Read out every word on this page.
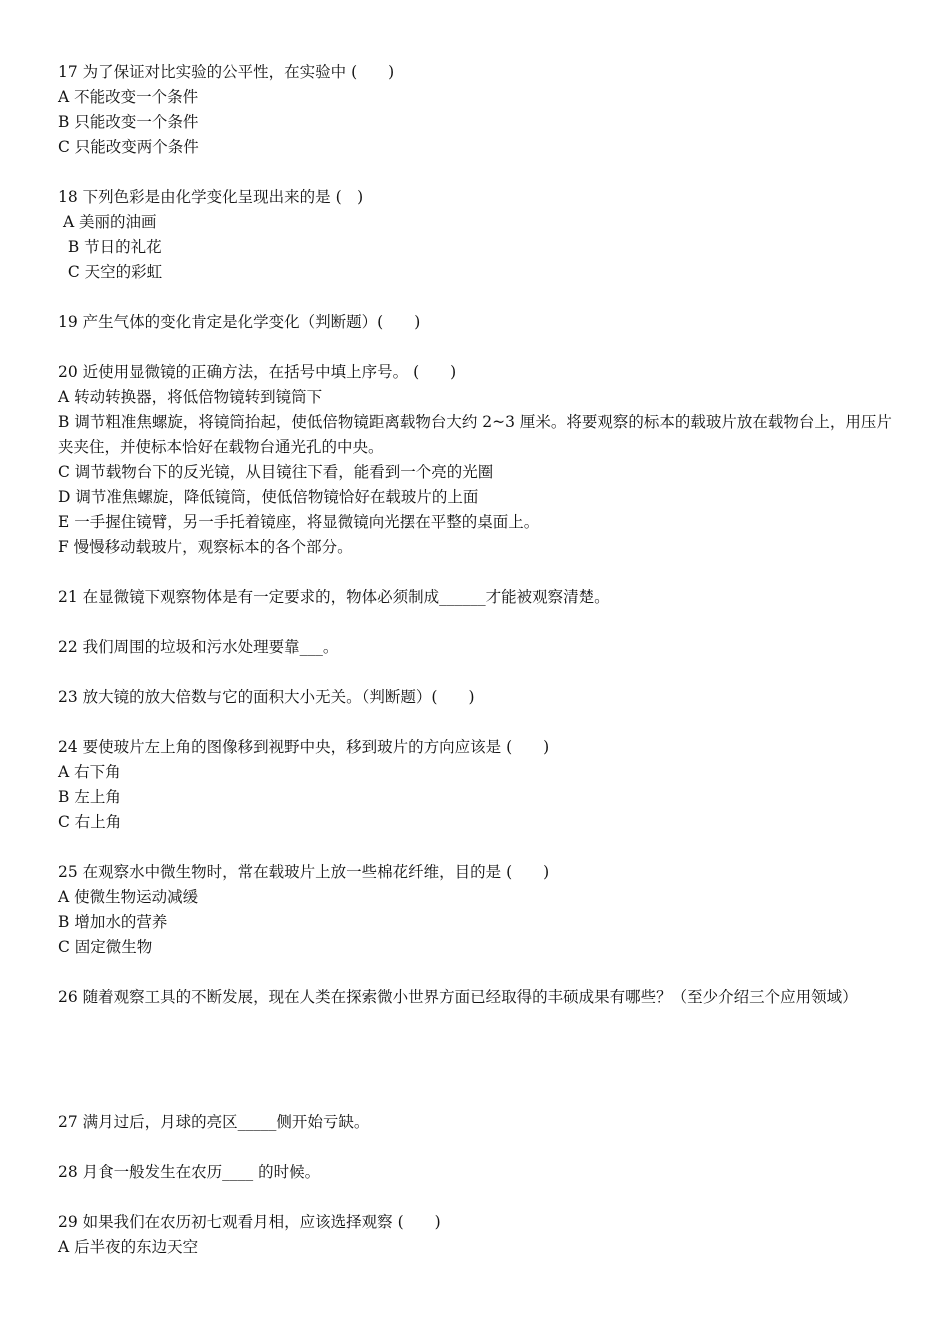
17 为了保证对比实验的公平性，在实验中 (　　)
A 不能改变一个条件
B 只能改变一个条件
C 只能改变两个条件
18 下列色彩是由化学变化呈现出来的是 (　)
A 美丽的油画
B 节日的礼花
C 天空的彩虹
19 产生气体的变化肯定是化学变化（判断题）(　　)
20 近使用显微镜的正确方法，在括号中填上序号。 (　　)
A 转动转换器，将低倍物镜转到镜筒下
B 调节粗准焦螺旋，将镜筒抬起，使低倍物镜距离载物台大约 2~3 厘米。将要观察的标本的载玻片放在载物台上，用压片夹夹住，并使标本恰好在载物台通光孔的中央。
C 调节载物台下的反光镜，从目镜往下看，能看到一个亮的光圈
D 调节准焦螺旋，降低镜筒，使低倍物镜恰好在载玻片的上面
E 一手握住镜臂，另一手托着镜座，将显微镜向光摆在平整的桌面上。
F 慢慢移动载玻片，观察标本的各个部分。
21 在显微镜下观察物体是有一定要求的，物体必须制成______才能被观察清楚。
22 我们周围的垃圾和污水处理要靠___。
23 放大镜的放大倍数与它的面积大小无关。（判断题）(　　)
24 要使玻片左上角的图像移到视野中央，移到玻片的方向应该是 (　　)
A 右下角
B 左上角
C 右上角
25 在观察水中微生物时，常在载玻片上放一些棉花纤维，目的是 (　　)
A 使微生物运动减缓
B 增加水的营养
C 固定微生物
26 随着观察工具的不断发展，现在人类在探索微小世界方面已经取得的丰硕成果有哪些？（至少介绍三个应用领域）
27 满月过后，月球的亮区_____侧开始亏缺。
28 月食一般发生在农历____ 的时候。
29 如果我们在农历初七观看月相，应该选择观察 (　　)
A 后半夜的东边天空
